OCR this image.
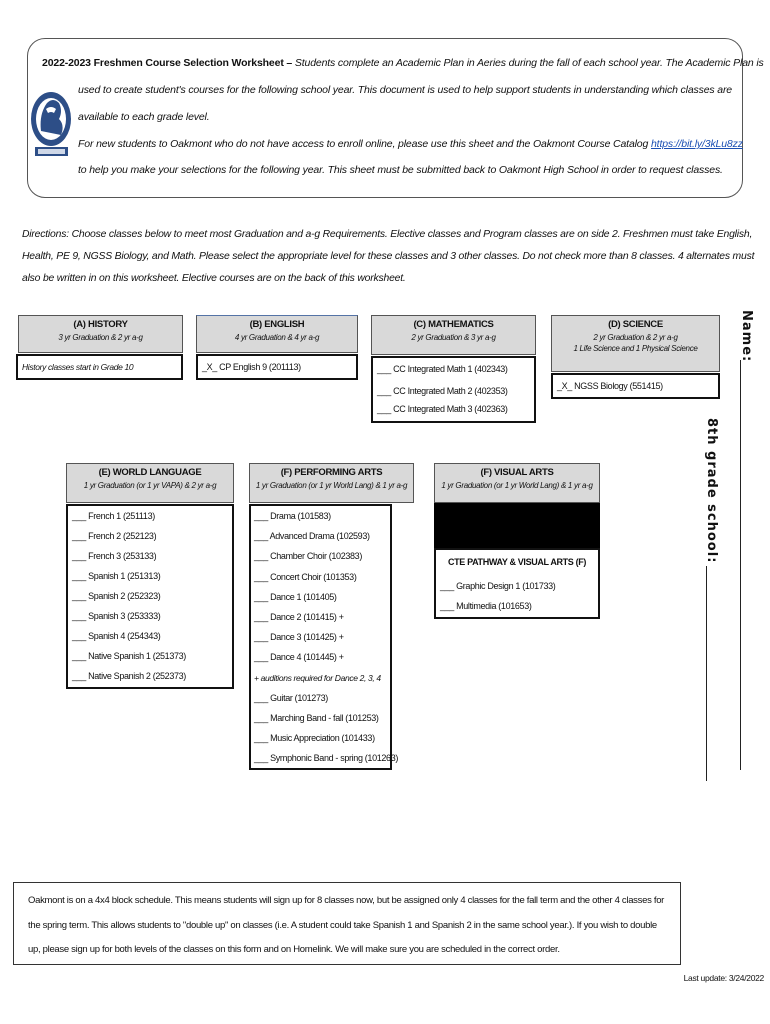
2022-2023 Freshmen Course Selection Worksheet – Students complete an Academic Plan in Aeries during the fall of each school year. The Academic Plan is
used to create student's courses for the following school year. This document is used to help support students in understanding which classes are
available to each grade level.
For new students to Oakmont who do not have access to enroll online, please use this sheet and the Oakmont Course Catalog https://bit.ly/3kLu8zz
to help you make your selections for the following year. This sheet must be submitted back to Oakmont High School in order to request classes.
Directions: Choose classes below to meet most Graduation and a-g Requirements. Elective classes and Program classes are on side 2. Freshmen must take English,
Health, PE 9, NGSS Biology, and Math. Please select the appropriate level for these classes and 3 other classes. Do not check more than 8 classes. 4 alternates must
also be written in on this worksheet. Elective courses are on the back of this worksheet.
(A) HISTORY
3 yr Graduation & 2 yr a-g
History classes start in Grade 10
(B) ENGLISH
4 yr Graduation & 4 yr a-g
_X_ CP English 9 (201113)
(C) MATHEMATICS
2 yr Graduation & 3 yr a-g
___ CC Integrated Math 1 (402343)
___ CC Integrated Math 2 (402353)
___ CC Integrated Math 3 (402363)
(D) SCIENCE
2 yr Graduation & 2 yr a-g
1 Life Science and 1 Physical Science
_X_ NGSS Biology (551415)
(E) WORLD LANGUAGE
1 yr Graduation (or 1 yr VAPA) & 2 yr a-g
___ French 1 (251113)
___ French 2 (252123)
___ French 3 (253133)
___ Spanish 1 (251313)
___ Spanish 2 (252323)
___ Spanish 3 (253333)
___ Spanish 4 (254343)
___ Native Spanish 1 (251373)
___ Native Spanish 2 (252373)
(F) PERFORMING ARTS
1 yr Graduation (or 1 yr World Lang) & 1 yr a-g
___ Drama (101583)
___ Advanced Drama (102593)
___ Chamber Choir (102383)
___ Concert Choir (101353)
___ Dance 1 (101405)
___ Dance 2 (101415) +
___ Dance 3 (101425) +
___ Dance 4 (101445) +
+ auditions required for Dance 2, 3, 4
___ Guitar (101273)
___ Marching Band - fall (101253)
___ Music Appreciation (101433)
___ Symphonic Band - spring (101263)
(F) VISUAL ARTS
1 yr Graduation (or 1 yr World Lang) & 1 yr a-g
CTE PATHWAY & VISUAL ARTS (F)
___ Graphic Design 1 (101733)
___ Multimedia (101653)
Name:
8th grade school:
Oakmont is on a 4x4 block schedule. This means students will sign up for 8 classes now, but be assigned only 4 classes for the fall term and the other 4 classes for
the spring term. This allows students to "double up" on classes (i.e. A student could take Spanish 1 and Spanish 2 in the same school year.). If you wish to double
up, please sign up for both levels of the classes on this form and on Homelink. We will make sure you are scheduled in the correct order.
Last update: 3/24/2022
